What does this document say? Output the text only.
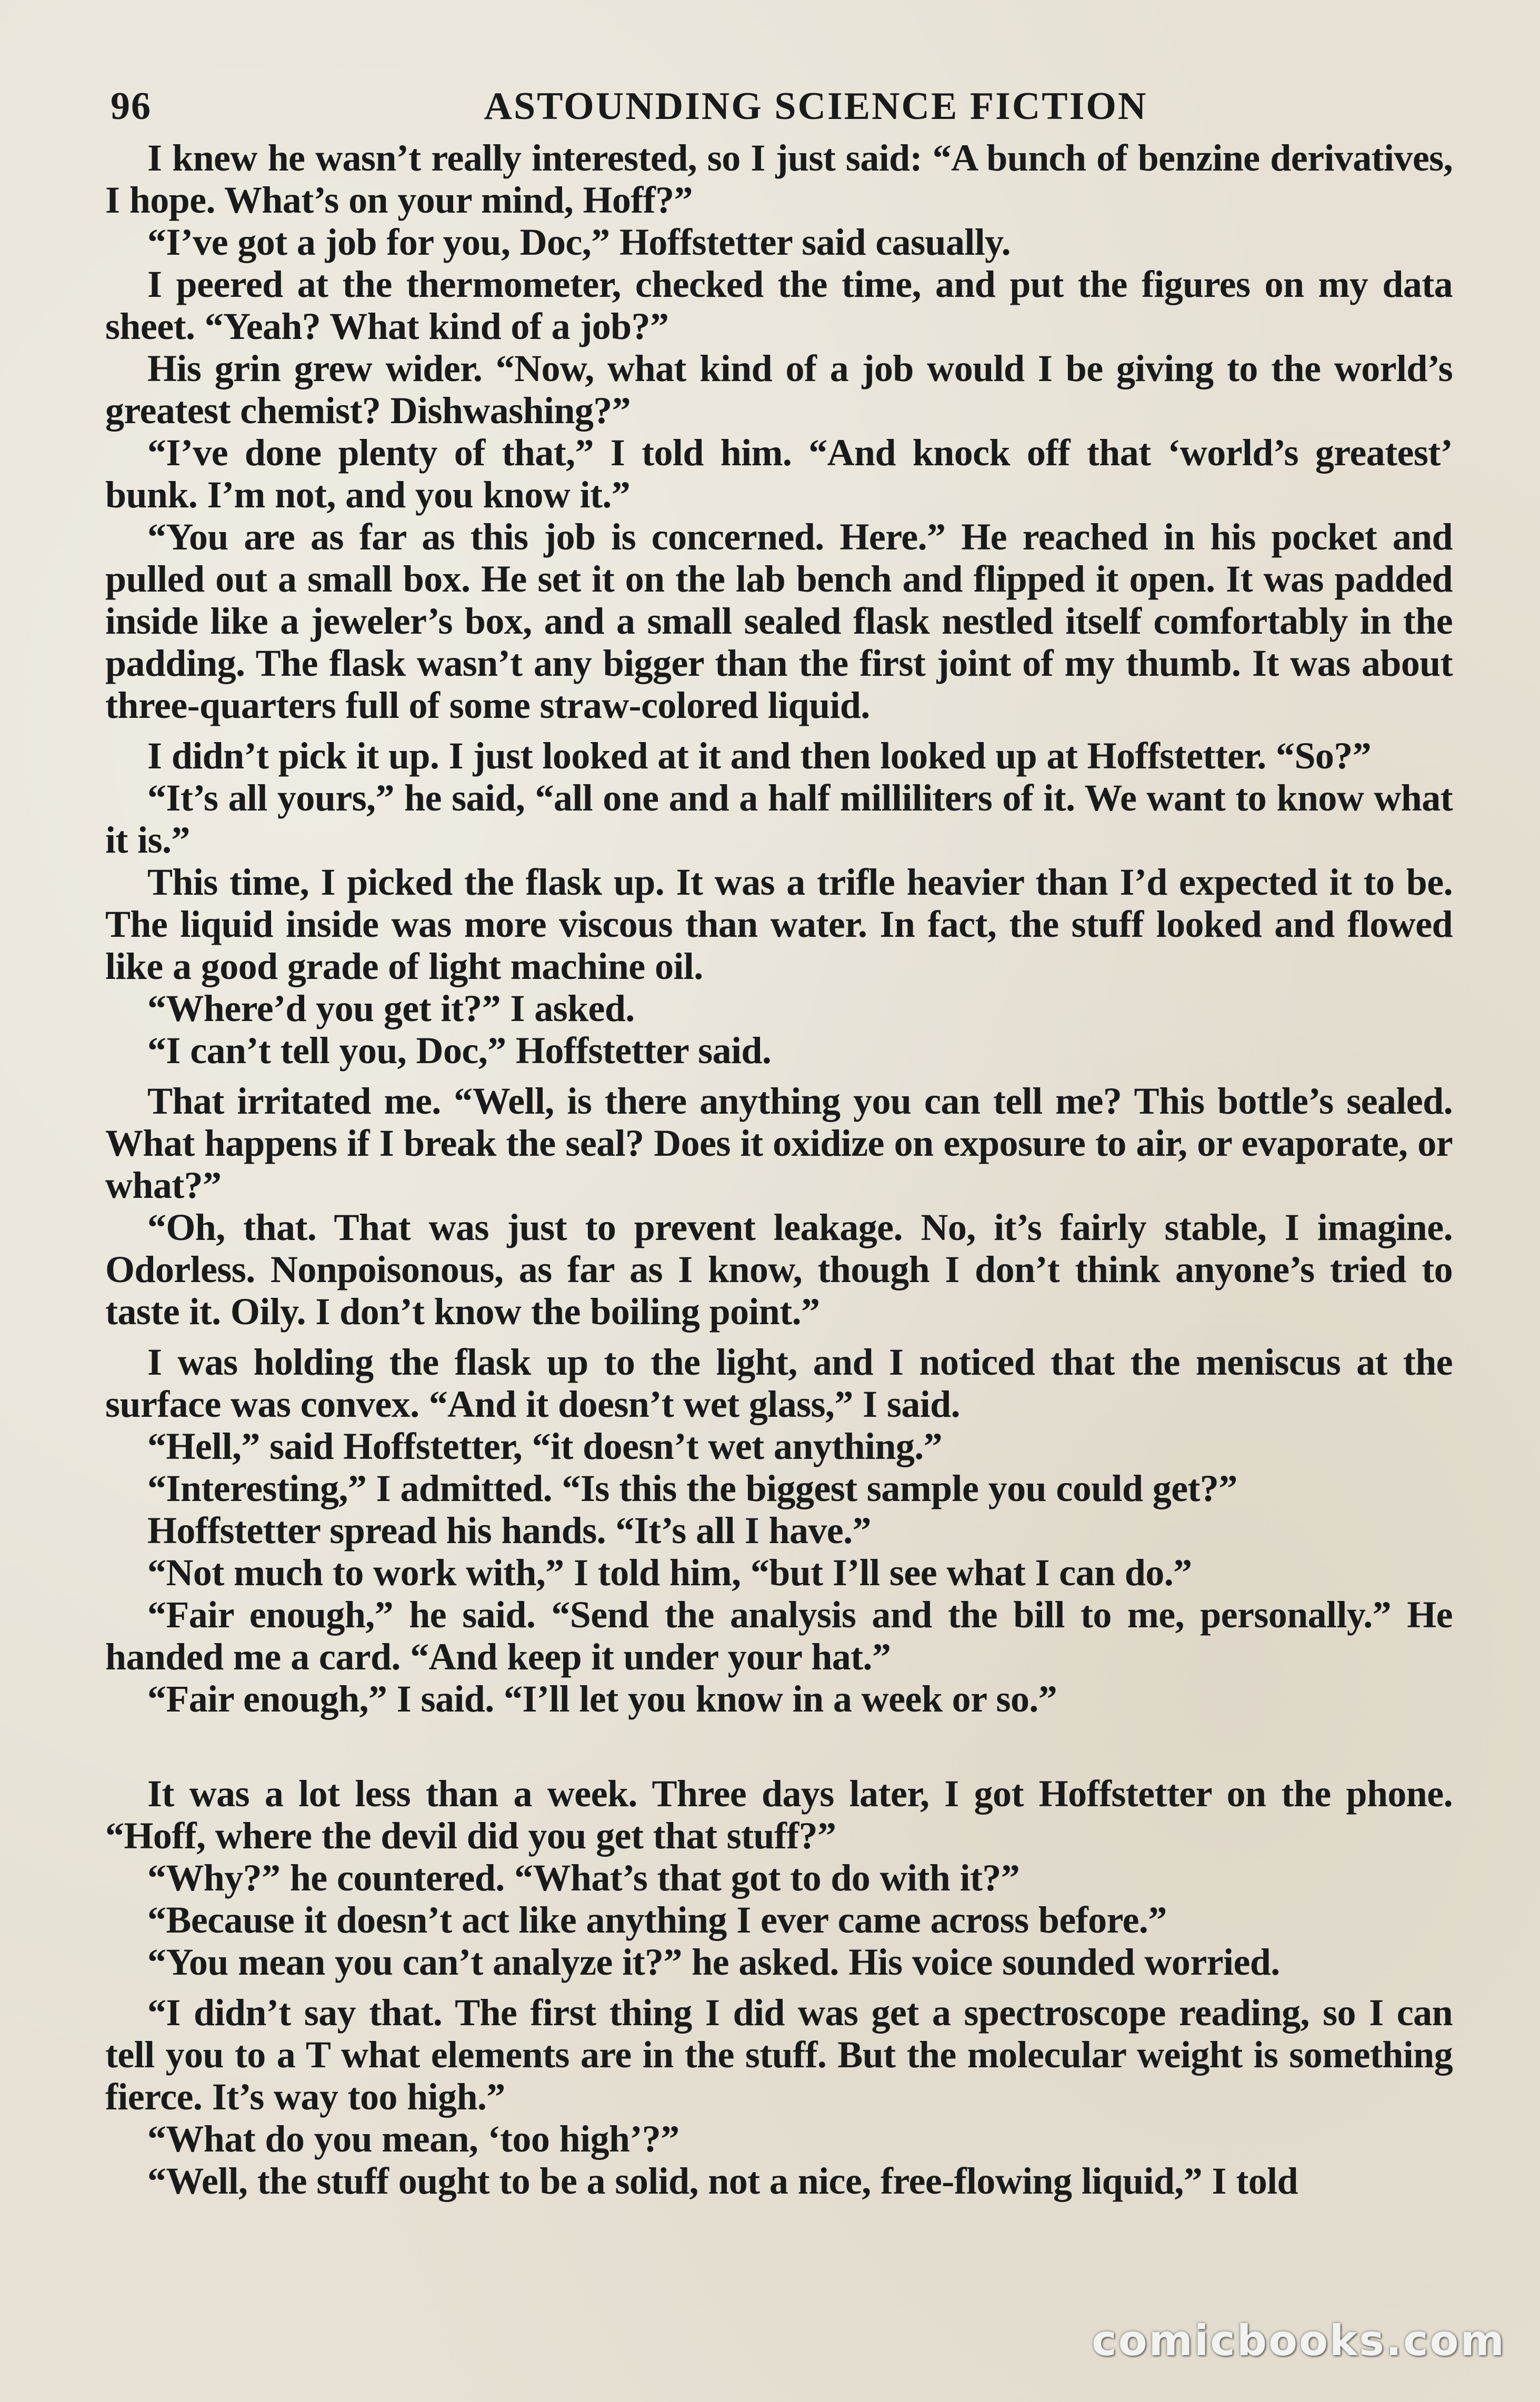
96	ASTOUNDING SCIENCE FICTION

I knew he wasn’t really interested, so I just said: “A bunch of benzine derivatives, I hope. What’s on your mind, Hoff?”

“I’ve got a job for you, Doc,” Hoffstetter said casually.

I peered at the thermometer, checked the time, and put the figures on my data sheet. “Yeah? What kind of a job?”

His grin grew wider. “Now, what kind of a job would I be giving to the world’s greatest chemist? Dishwashing?”

“I’ve done plenty of that,” I told him. “And knock off that ‘world’s greatest’ bunk. I’m not, and you know it.”

“You are as far as this job is concerned. Here.” He reached in his pocket and pulled out a small box. He set it on the lab bench and flipped it open. It was padded inside like a jeweler’s box, and a small sealed flask nestled itself comfortably in the padding. The flask wasn’t any bigger than the first joint of my thumb. It was about three-quarters full of some straw-colored liquid.

I didn’t pick it up. I just looked at it and then looked up at Hoffstetter. “So?”

“It’s all yours,” he said, “all one and a half milliliters of it. We want to know what it is.”

This time, I picked the flask up. It was a trifle heavier than I’d expected it to be. The liquid inside was more viscous than water. In fact, the stuff looked and flowed like a good grade of light machine oil.

“Where’d you get it?” I asked.

“I can’t tell you, Doc,” Hoffstetter said.

That irritated me. “Well, is there anything you can tell me? This bottle’s sealed. What happens if I break the seal? Does it oxidize on exposure to air, or evaporate, or what?”

“Oh, that. That was just to prevent leakage. No, it’s fairly stable, I imagine. Odorless. Nonpoisonous, as far as I know, though I don’t think anyone’s tried to taste it. Oily. I don’t know the boiling point.”

I was holding the flask up to the light, and I noticed that the meniscus at the surface was convex. “And it doesn’t wet glass,” I said.

“Hell,” said Hoffstetter, “it doesn’t wet anything.”

“Interesting,” I admitted. “Is this the biggest sample you could get?”

Hoffstetter spread his hands. “It’s all I have.”

“Not much to work with,” I told him, “but I’ll see what I can do.”

“Fair enough,” he said. “Send the analysis and the bill to me, personally.” He handed me a card. “And keep it under your hat.”

“Fair enough,” I said. “I’ll let you know in a week or so.”

It was a lot less than a week. Three days later, I got Hoffstetter on the phone. “Hoff, where the devil did you get that stuff?”

“Why?” he countered. “What’s that got to do with it?”

“Because it doesn’t act like anything I ever came across before.”

“You mean you can’t analyze it?” he asked. His voice sounded worried.

“I didn’t say that. The first thing I did was get a spectroscope reading, so I can tell you to a T what elements are in the stuff. But the molecular weight is something fierce. It’s way too high.”

“What do you mean, ‘too high’?”

“Well, the stuff ought to be a solid, not a nice, free-flowing liquid,” I told

comicbooks.com
